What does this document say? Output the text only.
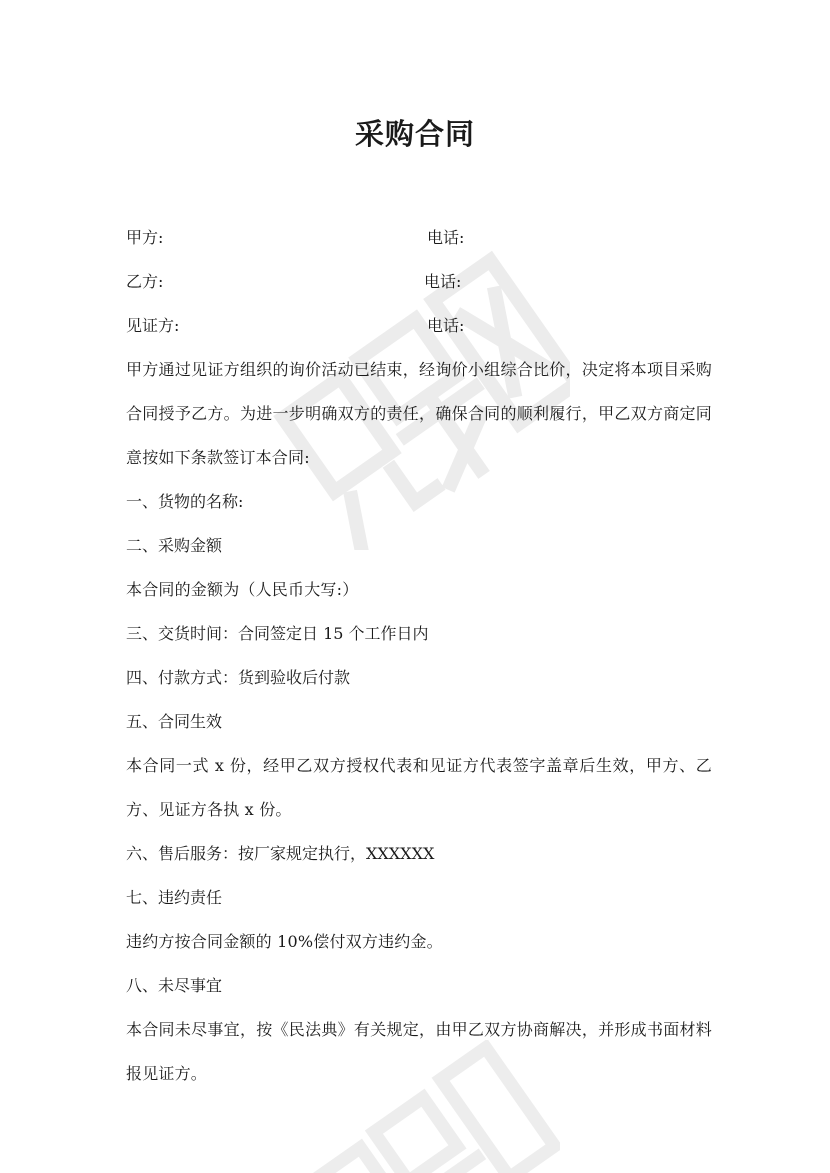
采购合同
甲方:	电话:
乙方:	电话:
见证方:	电话:
甲方通过见证方组织的询价活动已结束，经询价小组综合比价，决定将本项目采购合同授予乙方。为进一步明确双方的责任，确保合同的顺利履行，甲乙双方商定同意按如下条款签订本合同:
一、货物的名称:
二、采购金额
本合同的金额为（人民币大写:）
三、交货时间：合同签定日 15 个工作日内
四、付款方式：货到验收后付款
五、合同生效
本合同一式 x 份，经甲乙双方授权代表和见证方代表签字盖章后生效，甲方、乙方、见证方各执 x 份。
六、售后服务：按厂家规定执行，XXXXXX
七、违约责任
违约方按合同金额的 10%偿付双方违约金。
八、未尽事宜
本合同未尽事宜，按《民法典》有关规定，由甲乙双方协商解决，并形成书面材料报见证方。
